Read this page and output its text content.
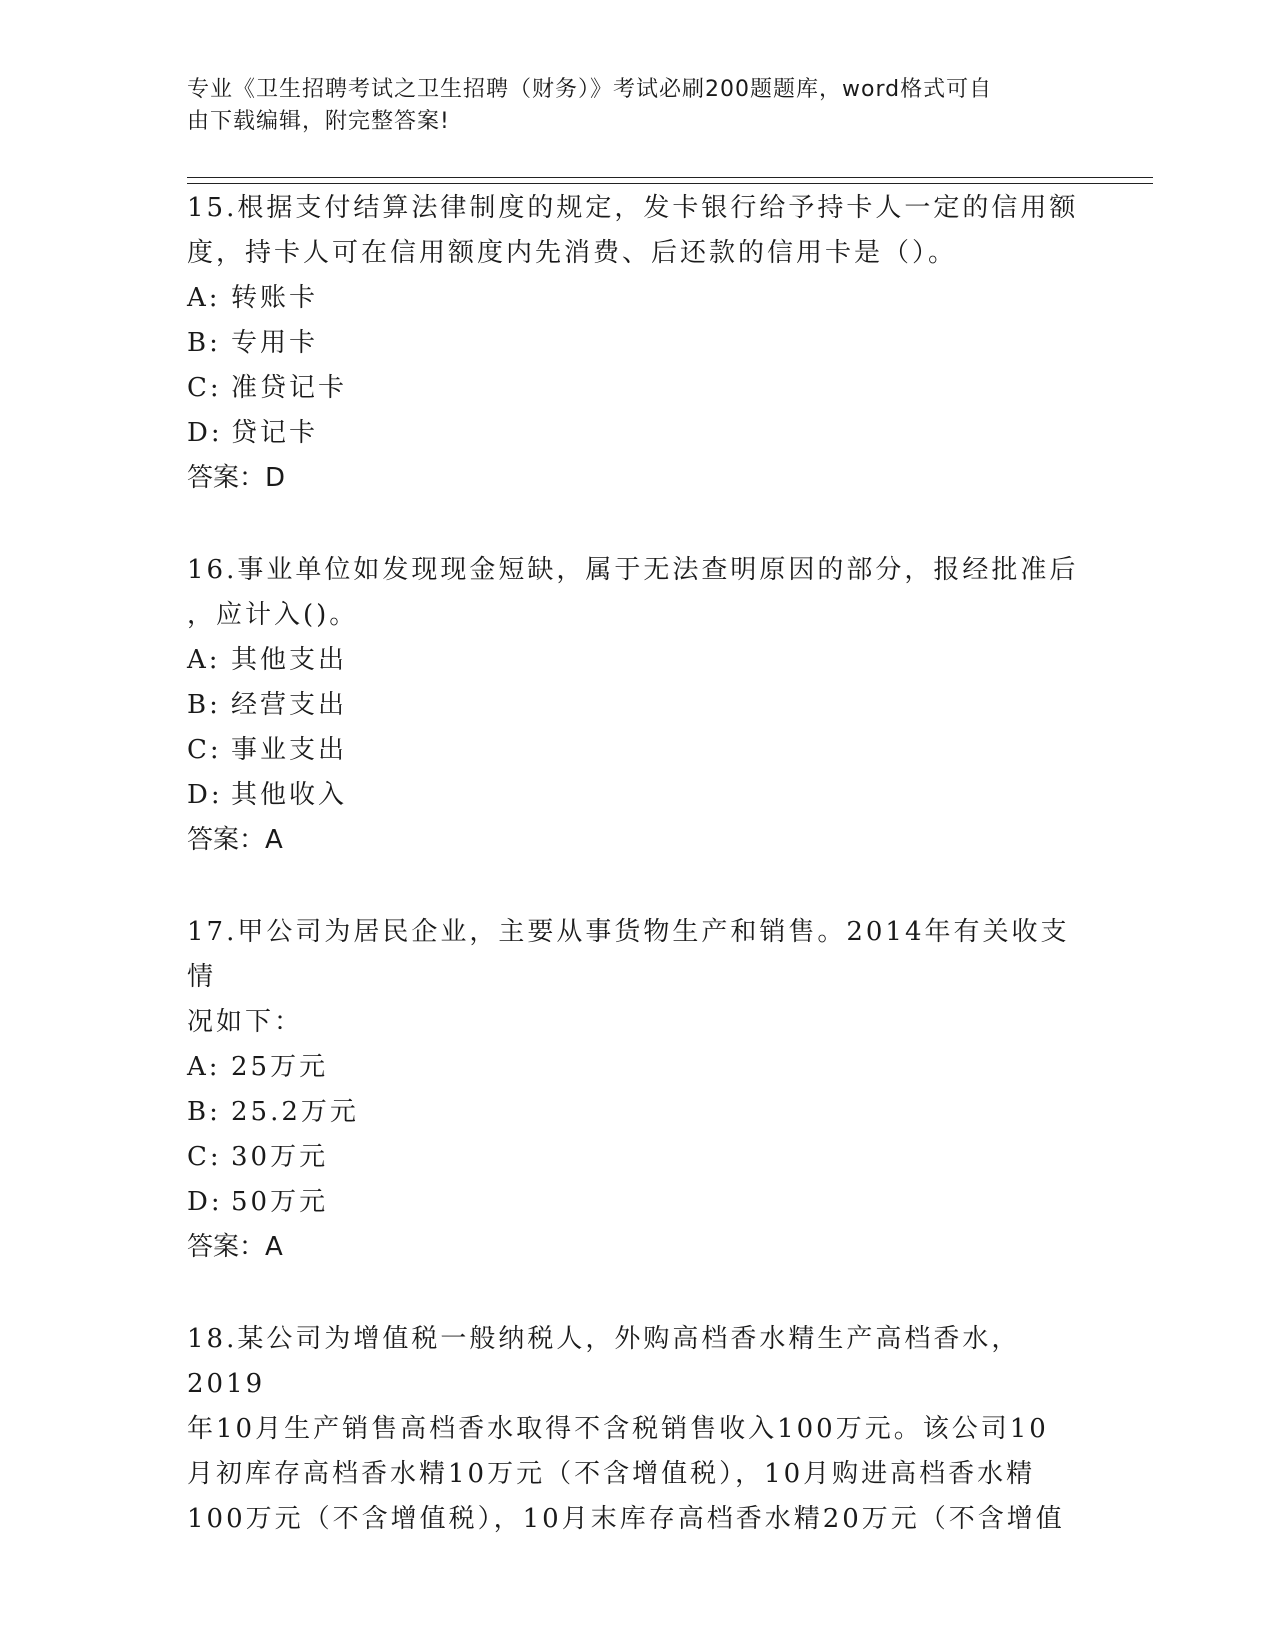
专业《卫生招聘考试之卫生招聘（财务）》考试必刷200题题库，word格式可自
由下载编辑，附完整答案!

15.根据支付结算法律制度的规定，发卡银行给予持卡人一定的信用额

度，持卡人可在信用额度内先消费、后还款的信用卡是（）。

A: 转账卡
B: 专用卡
C: 准贷记卡
D: 贷记卡
答案：D

16.事业单位如发现现金短缺，属于无法查明原因的部分，报经批准后

，应计入()。

A: 其他支出
B: 经营支出
C: 事业支出
D: 其他收入
答案：A

17.甲公司为居民企业，主要从事货物生产和销售。2014年有关收支情

况如下：

A: 25万元
B: 25.2万元
C: 30万元
D: 50万元
答案：A

18.某公司为增值税一般纳税人，外购高档香水精生产高档香水，2019

年10月生产销售高档香水取得不含税销售收入100万元。该公司10

月初库存高档香水精10万元（不含增值税），10月购进高档香水精

100万元（不含增值税），10月末库存高档香水精20万元（不含增值
